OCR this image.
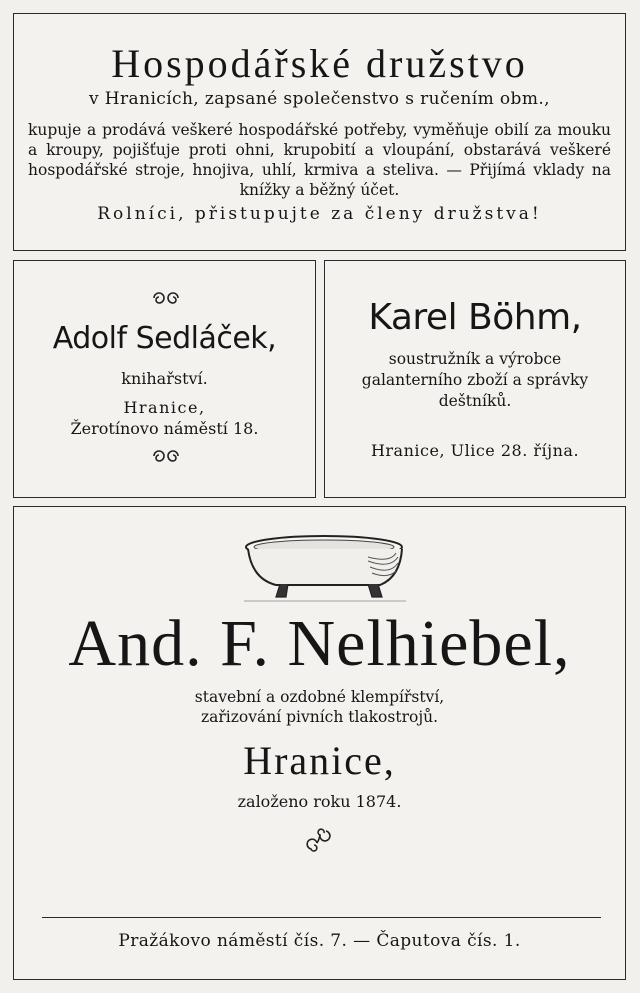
Hospodářské družstvo
v Hranicích, zapsané společenstvo s ručením obm.,
kupuje a prodává veškeré hospodářské potřeby, vyměňuje obilí za mouku a kroupy, pojišťuje proti ohni, krupobití a vloupání, obstarává veškeré hospodářské stroje, hnojiva, uhlí, krmiva a steliva. — Přijímá vklady na knížky a běžný účet.
Rolníci, přistupujte za členy družstva!
Adolf Sedláček,
knihařství.
Hranice,
Žerotínovo náměstí 18.
Karel Böhm,
soustružník a výrobce galanterního zboží a správky deštníků.
Hranice, Ulice 28. října.
And. F. Nelhiebel,
stavební a ozdobné klempířství,
zařizování pivních tlakostrojů.
Hranice,
založeno roku 1874.
Pražákovo náměstí čís. 7. — Čaputova čís. 1.
